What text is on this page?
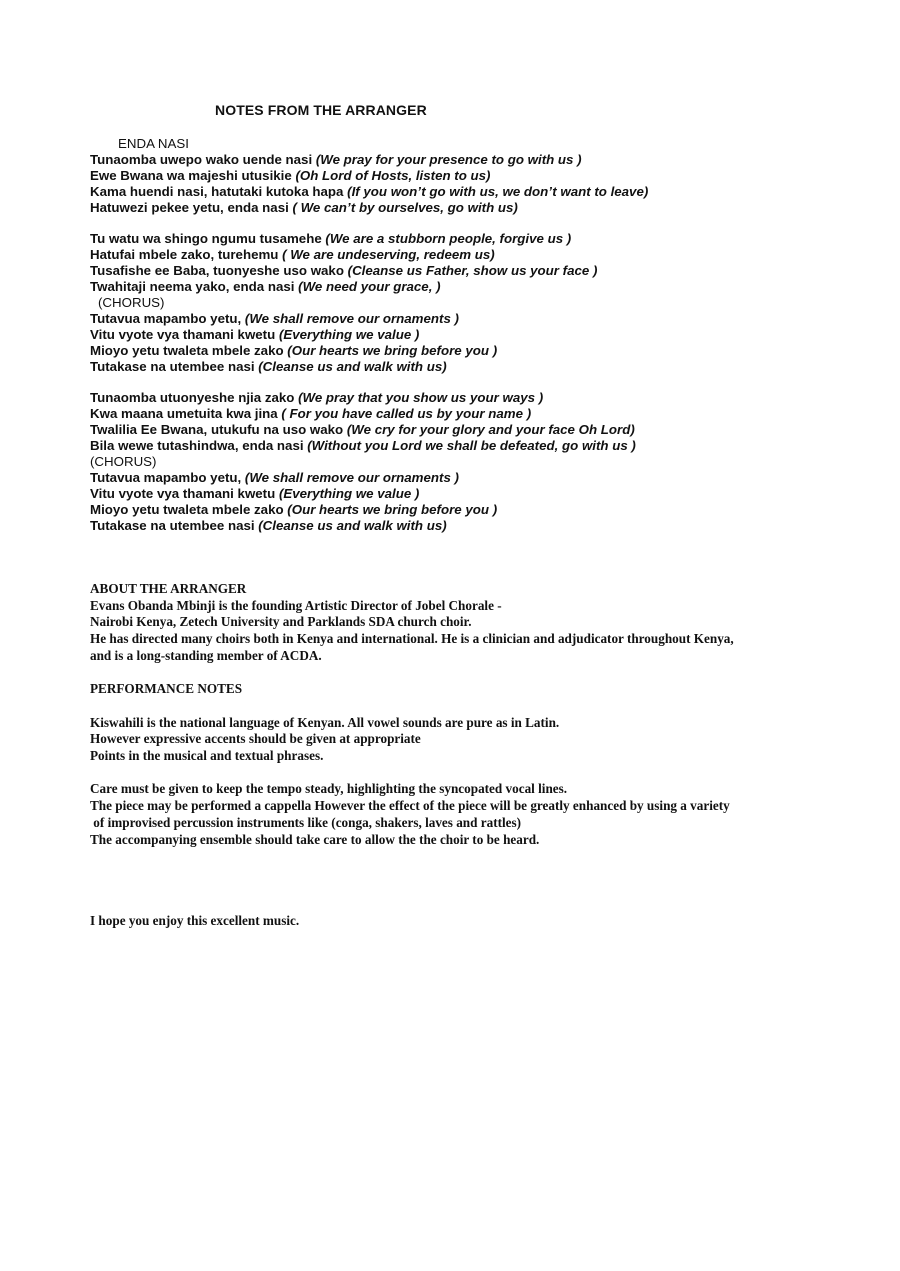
NOTES FROM THE ARRANGER
ENDA NASI
Tunaomba uwepo wako uende nasi (We pray for your presence to go with us )
Ewe Bwana wa majeshi utusikie (Oh Lord of Hosts, listen to us)
Kama huendi nasi, hatutaki kutoka hapa (If you won’t go with us, we don’t want to leave)
Hatuwezi pekee yetu, enda nasi ( We can’t by ourselves, go with us)
Tu watu wa shingo ngumu tusamehe (We are a stubborn people, forgive us )
Hatufai mbele zako, turehemu ( We are undeserving, redeem us)
Tusafishe ee Baba, tuonyeshe uso wako (Cleanse us Father, show us your face )
Twahitaji neema yako, enda nasi (We need your grace, )
(CHORUS)
Tutavua mapambo yetu, (We shall remove our ornaments )
Vitu vyote vya thamani kwetu (Everything we value )
Mioyo yetu twaleta mbele zako (Our hearts we bring before you )
Tutakase na utembee nasi (Cleanse us and walk with us)
Tunaomba utuonyeshe njia zako (We pray that you show us your ways )
Kwa maana umetuita kwa jina ( For you have called us by your name )
Twalilia Ee Bwana, utukufu na uso wako (We cry for your glory and your face Oh Lord)
Bila wewe tutashindwa, enda nasi (Without you Lord we shall be defeated, go with us )
(CHORUS)
Tutavua mapambo yetu, (We shall remove our ornaments )
Vitu vyote vya thamani kwetu (Everything we value )
Mioyo yetu twaleta mbele zako (Our hearts we bring before you )
Tutakase na utembee nasi (Cleanse us and walk with us)
ABOUT THE ARRANGER
Evans Obanda Mbinji is the founding Artistic Director of Jobel Chorale -
Nairobi Kenya, Zetech University and Parklands SDA church choir.
He has directed many choirs both in Kenya and international. He is a clinician and adjudicator throughout Kenya,
and is a long-standing member of ACDA.
PERFORMANCE NOTES
Kiswahili is the national language of Kenyan. All vowel sounds are pure as in Latin.
However expressive accents should be given at appropriate
Points in the musical and textual phrases.
Care must be given to keep the tempo steady, highlighting the syncopated vocal lines.
The piece may be performed a cappella However the effect of the piece will be greatly enhanced by using a variety
of improvised percussion instruments like (conga, shakers, laves and rattles)
The accompanying ensemble should take care to allow the the choir to be heard.
I hope you enjoy this excellent music.
